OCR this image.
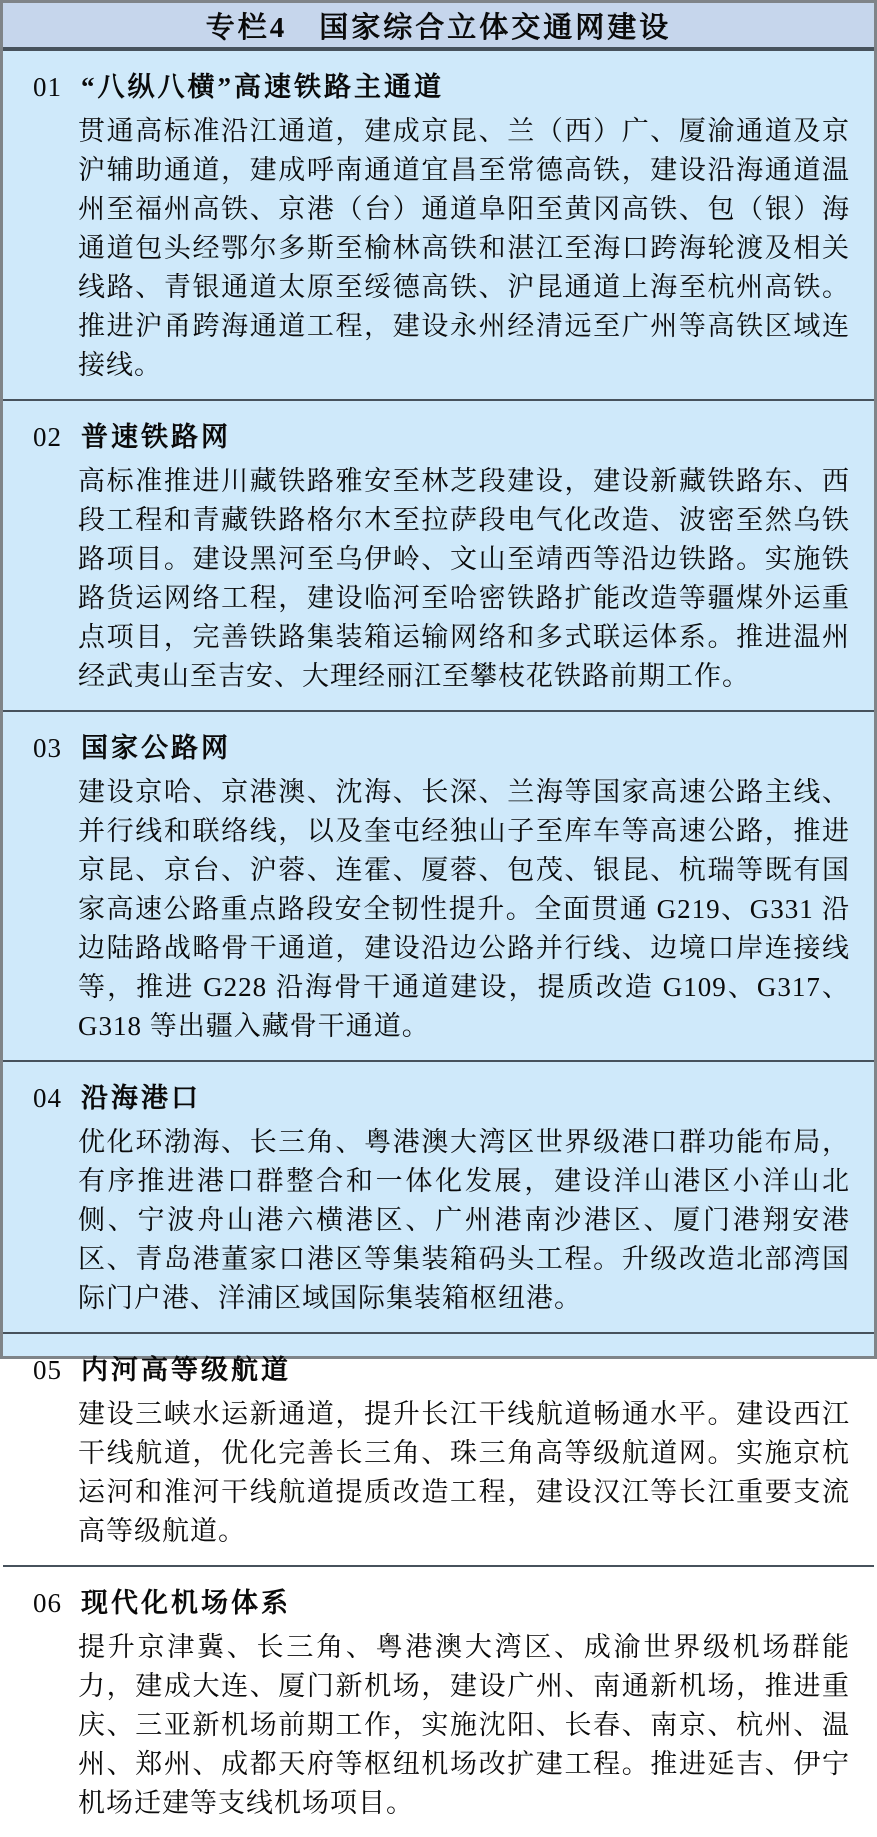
专栏4　国家综合立体交通网建设
01 “八纵八横”高速铁路主通道
贯通高标准沿江通道，建成京昆、兰（西）广、厦渝通道及京沪辅助通道，建成呼南通道宜昌至常德高铁，建设沿海通道温州至福州高铁、京港（台）通道阜阳至黄冈高铁、包（银）海通道包头经鄂尔多斯至榆林高铁和湛江至海口跨海轮渡及相关线路、青银通道太原至绥德高铁、沪昆通道上海至杭州高铁。推进沪甬跨海通道工程，建设永州经清远至广州等高铁区域连接线。
02 普速铁路网
高标准推进川藏铁路雅安至林芝段建设，建设新藏铁路东、西段工程和青藏铁路格尔木至拉萨段电气化改造、波密至然乌铁路项目。建设黑河至乌伊岭、文山至靖西等沿边铁路。实施铁路货运网络工程，建设临河至哈密铁路扩能改造等疆煤外运重点项目，完善铁路集装箱运输网络和多式联运体系。推进温州经武夷山至吉安、大理经丽江至攀枝花铁路前期工作。
03 国家公路网
建设京哈、京港澳、沈海、长深、兰海等国家高速公路主线、并行线和联络线，以及奎屯经独山子至库车等高速公路，推进京昆、京台、沪蓉、连霍、厦蓉、包茂、银昆、杭瑞等既有国家高速公路重点路段安全韧性提升。全面贯通 G219、G331 沿边陆路战略骨干通道，建设沿边公路并行线、边境口岸连接线等，推进 G228 沿海骨干通道建设，提质改造 G109、G317、G318 等出疆入藏骨干通道。
04 沿海港口
优化环渤海、长三角、粤港澳大湾区世界级港口群功能布局，有序推进港口群整合和一体化发展，建设洋山港区小洋山北侧、宁波舟山港六横港区、广州港南沙港区、厦门港翔安港区、青岛港董家口港区等集装箱码头工程。升级改造北部湾国际门户港、洋浦区域国际集装箱枢纽港。
05 内河高等级航道
建设三峡水运新通道，提升长江干线航道畅通水平。建设西江干线航道，优化完善长三角、珠三角高等级航道网。实施京杭运河和淮河干线航道提质改造工程，建设汉江等长江重要支流高等级航道。
06 现代化机场体系
提升京津冀、长三角、粤港澳大湾区、成渝世界级机场群能力，建成大连、厦门新机场，建设广州、南通新机场，推进重庆、三亚新机场前期工作，实施沈阳、长春、南京、杭州、温州、郑州、成都天府等枢纽机场改扩建工程。推进延吉、伊宁机场迁建等支线机场项目。
